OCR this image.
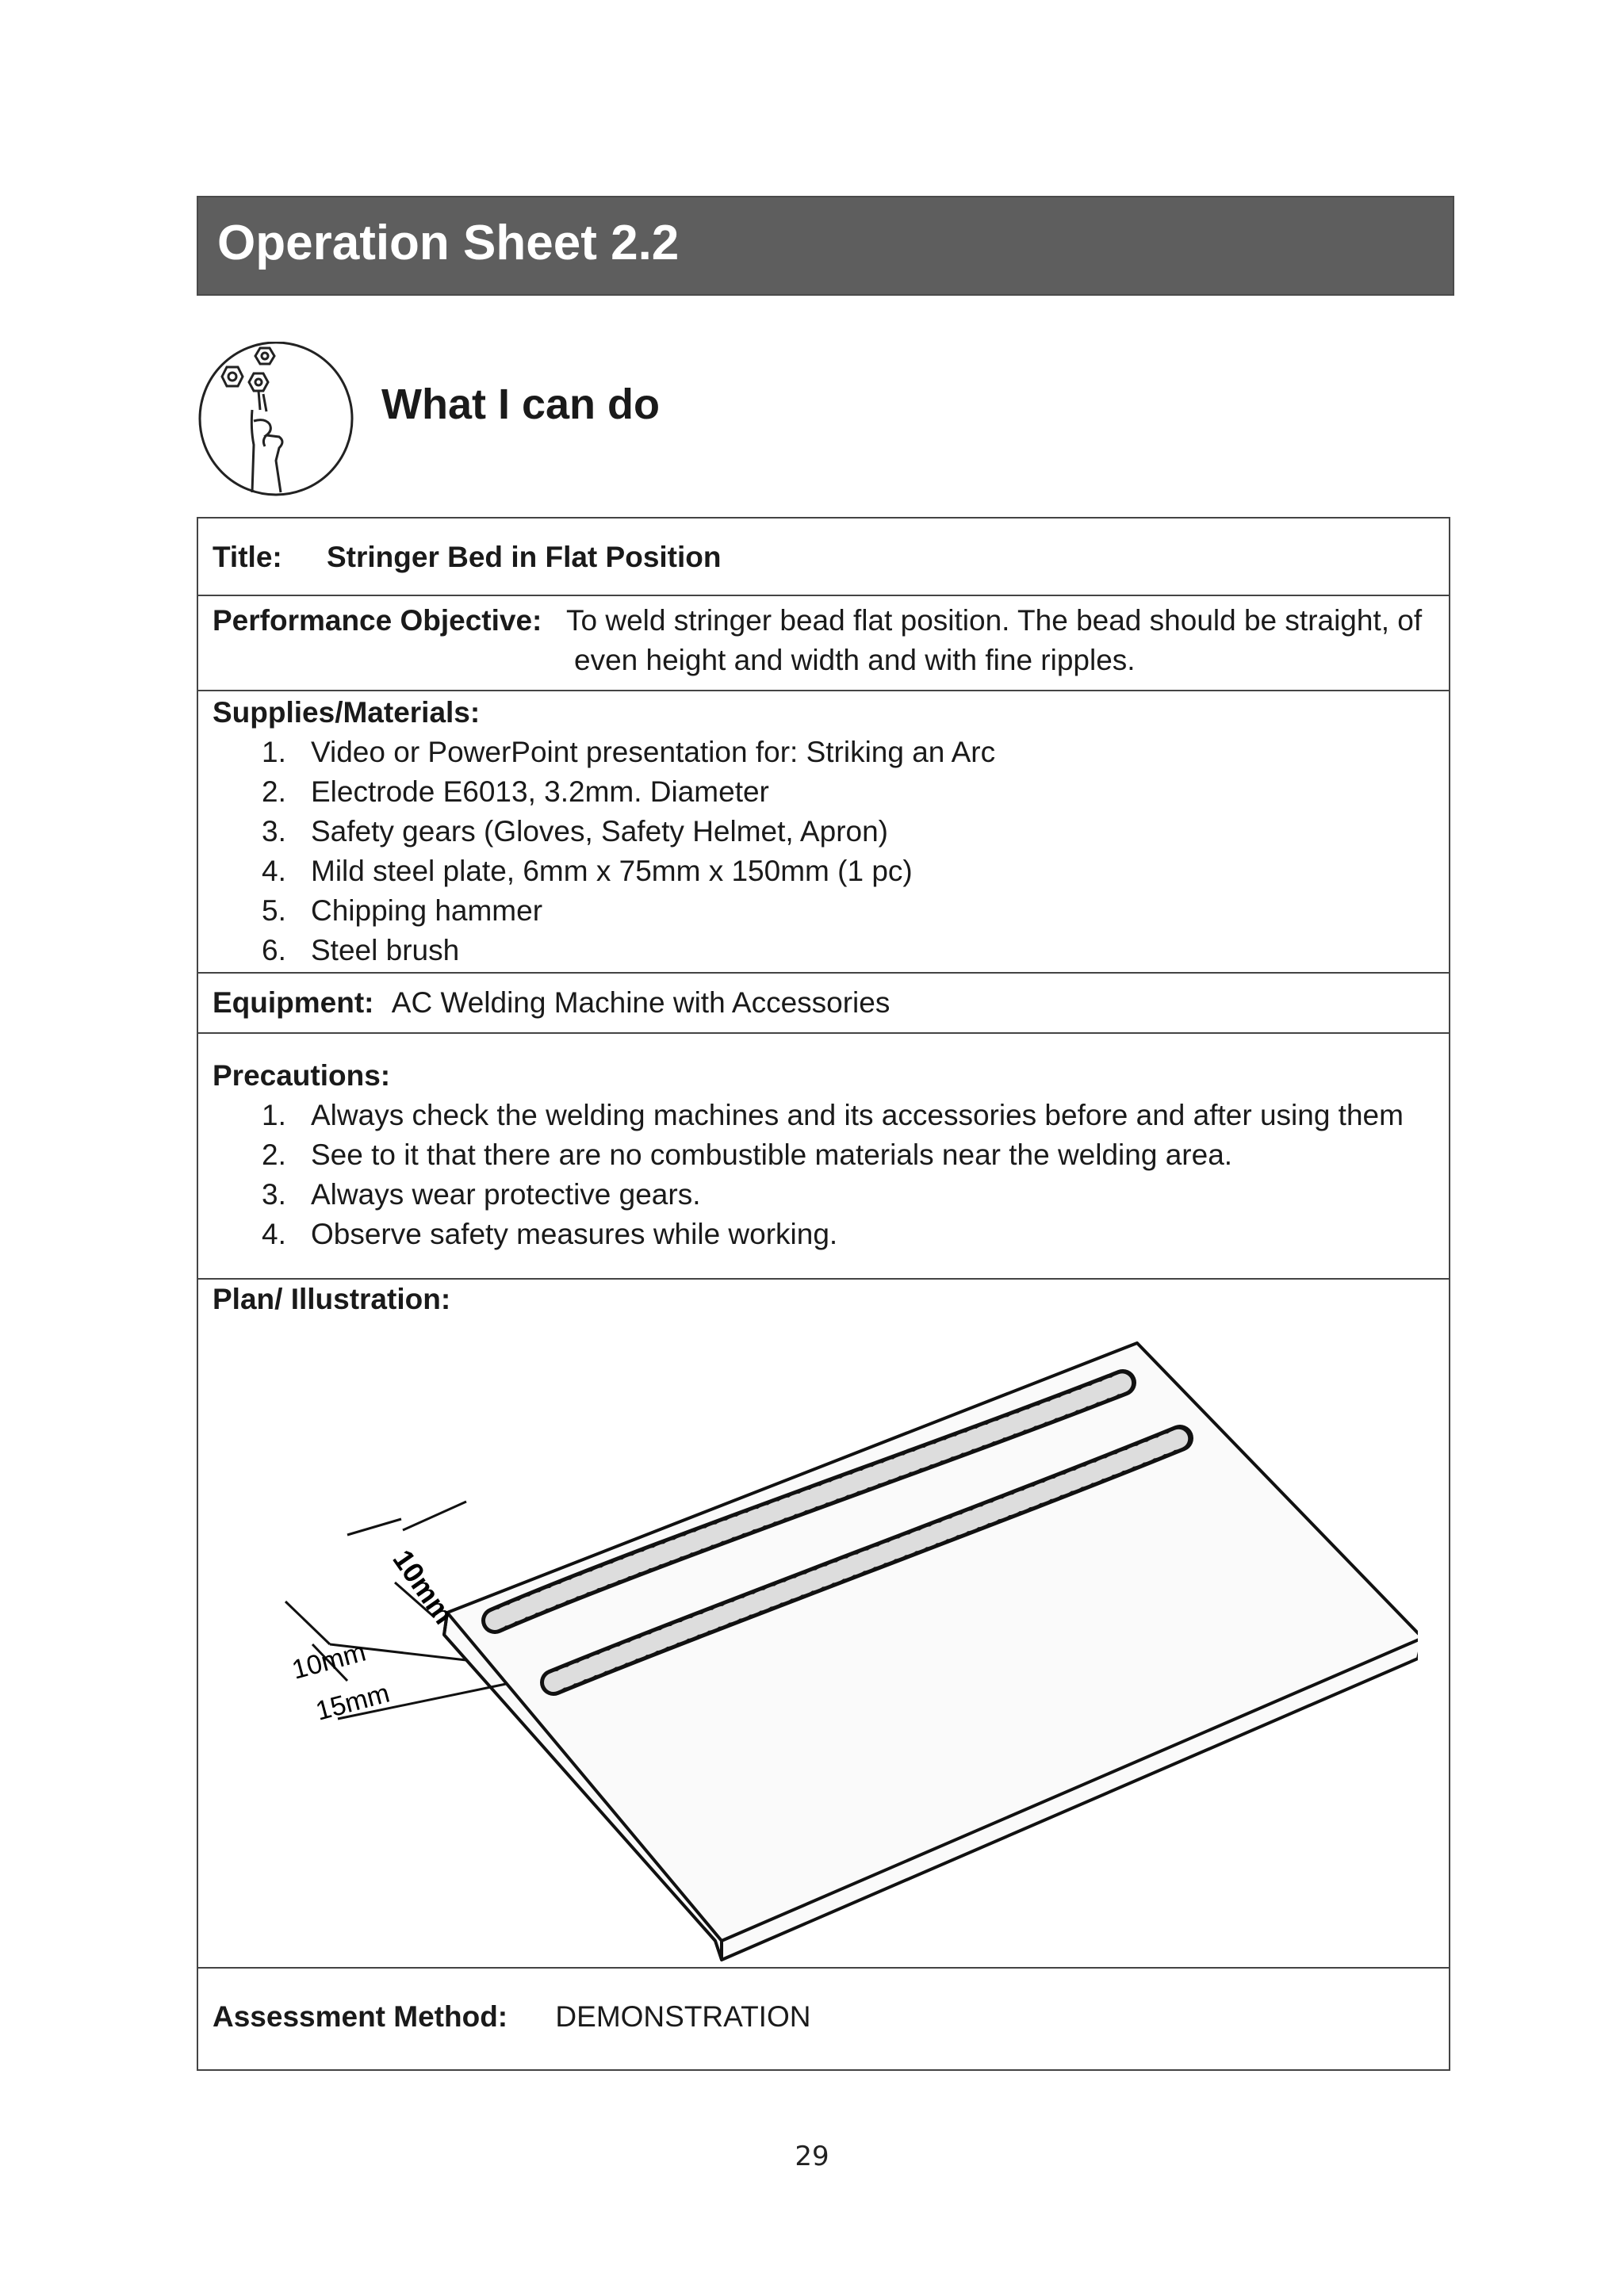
Operation Sheet 2.2
What I can do
Title: Stringer Bed in Flat Position
Performance Objective: To weld stringer bead flat position. The bead should be straight, of even height and width and with fine ripples.
Supplies/Materials:
1. Video or PowerPoint presentation for: Striking an Arc
2. Electrode E6013, 3.2mm. Diameter
3. Safety gears (Gloves, Safety Helmet, Apron)
4. Mild steel plate, 6mm x 75mm x 150mm (1 pc)
5. Chipping hammer
6. Steel brush
Equipment: AC Welding Machine with Accessories
Precautions:
1. Always check the welding machines and its accessories before and after using them
2. See to it that there are no combustible materials near the welding area.
3. Always wear protective gears.
4. Observe safety measures while working.
Plan/ Illustration:
10mm
10mm
15mm
Assessment Method: DEMONSTRATION
29
